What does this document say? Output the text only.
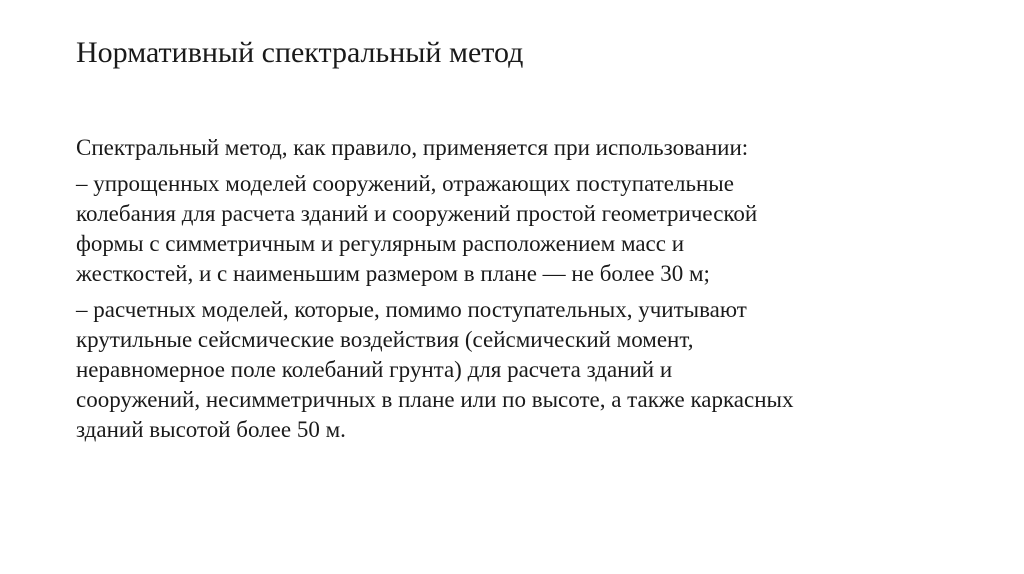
Нормативный спектральный метод

Спектральный метод, как правило, применяется при использовании:

– упрощенных моделей сооружений, отражающих поступательные
колебания для расчета зданий и сооружений простой геометрической
формы с симметричным и регулярным расположением масс и
жесткостей, и с наименьшим размером в плане — не более 30 м;

– расчетных моделей, которые, помимо поступательных, учитывают
крутильные сейсмические воздействия (сейсмический момент,
неравномерное поле колебаний грунта) для расчета зданий и
сооружений, несимметричных в плане или по высоте, а также каркасных
зданий высотой более 50 м.
